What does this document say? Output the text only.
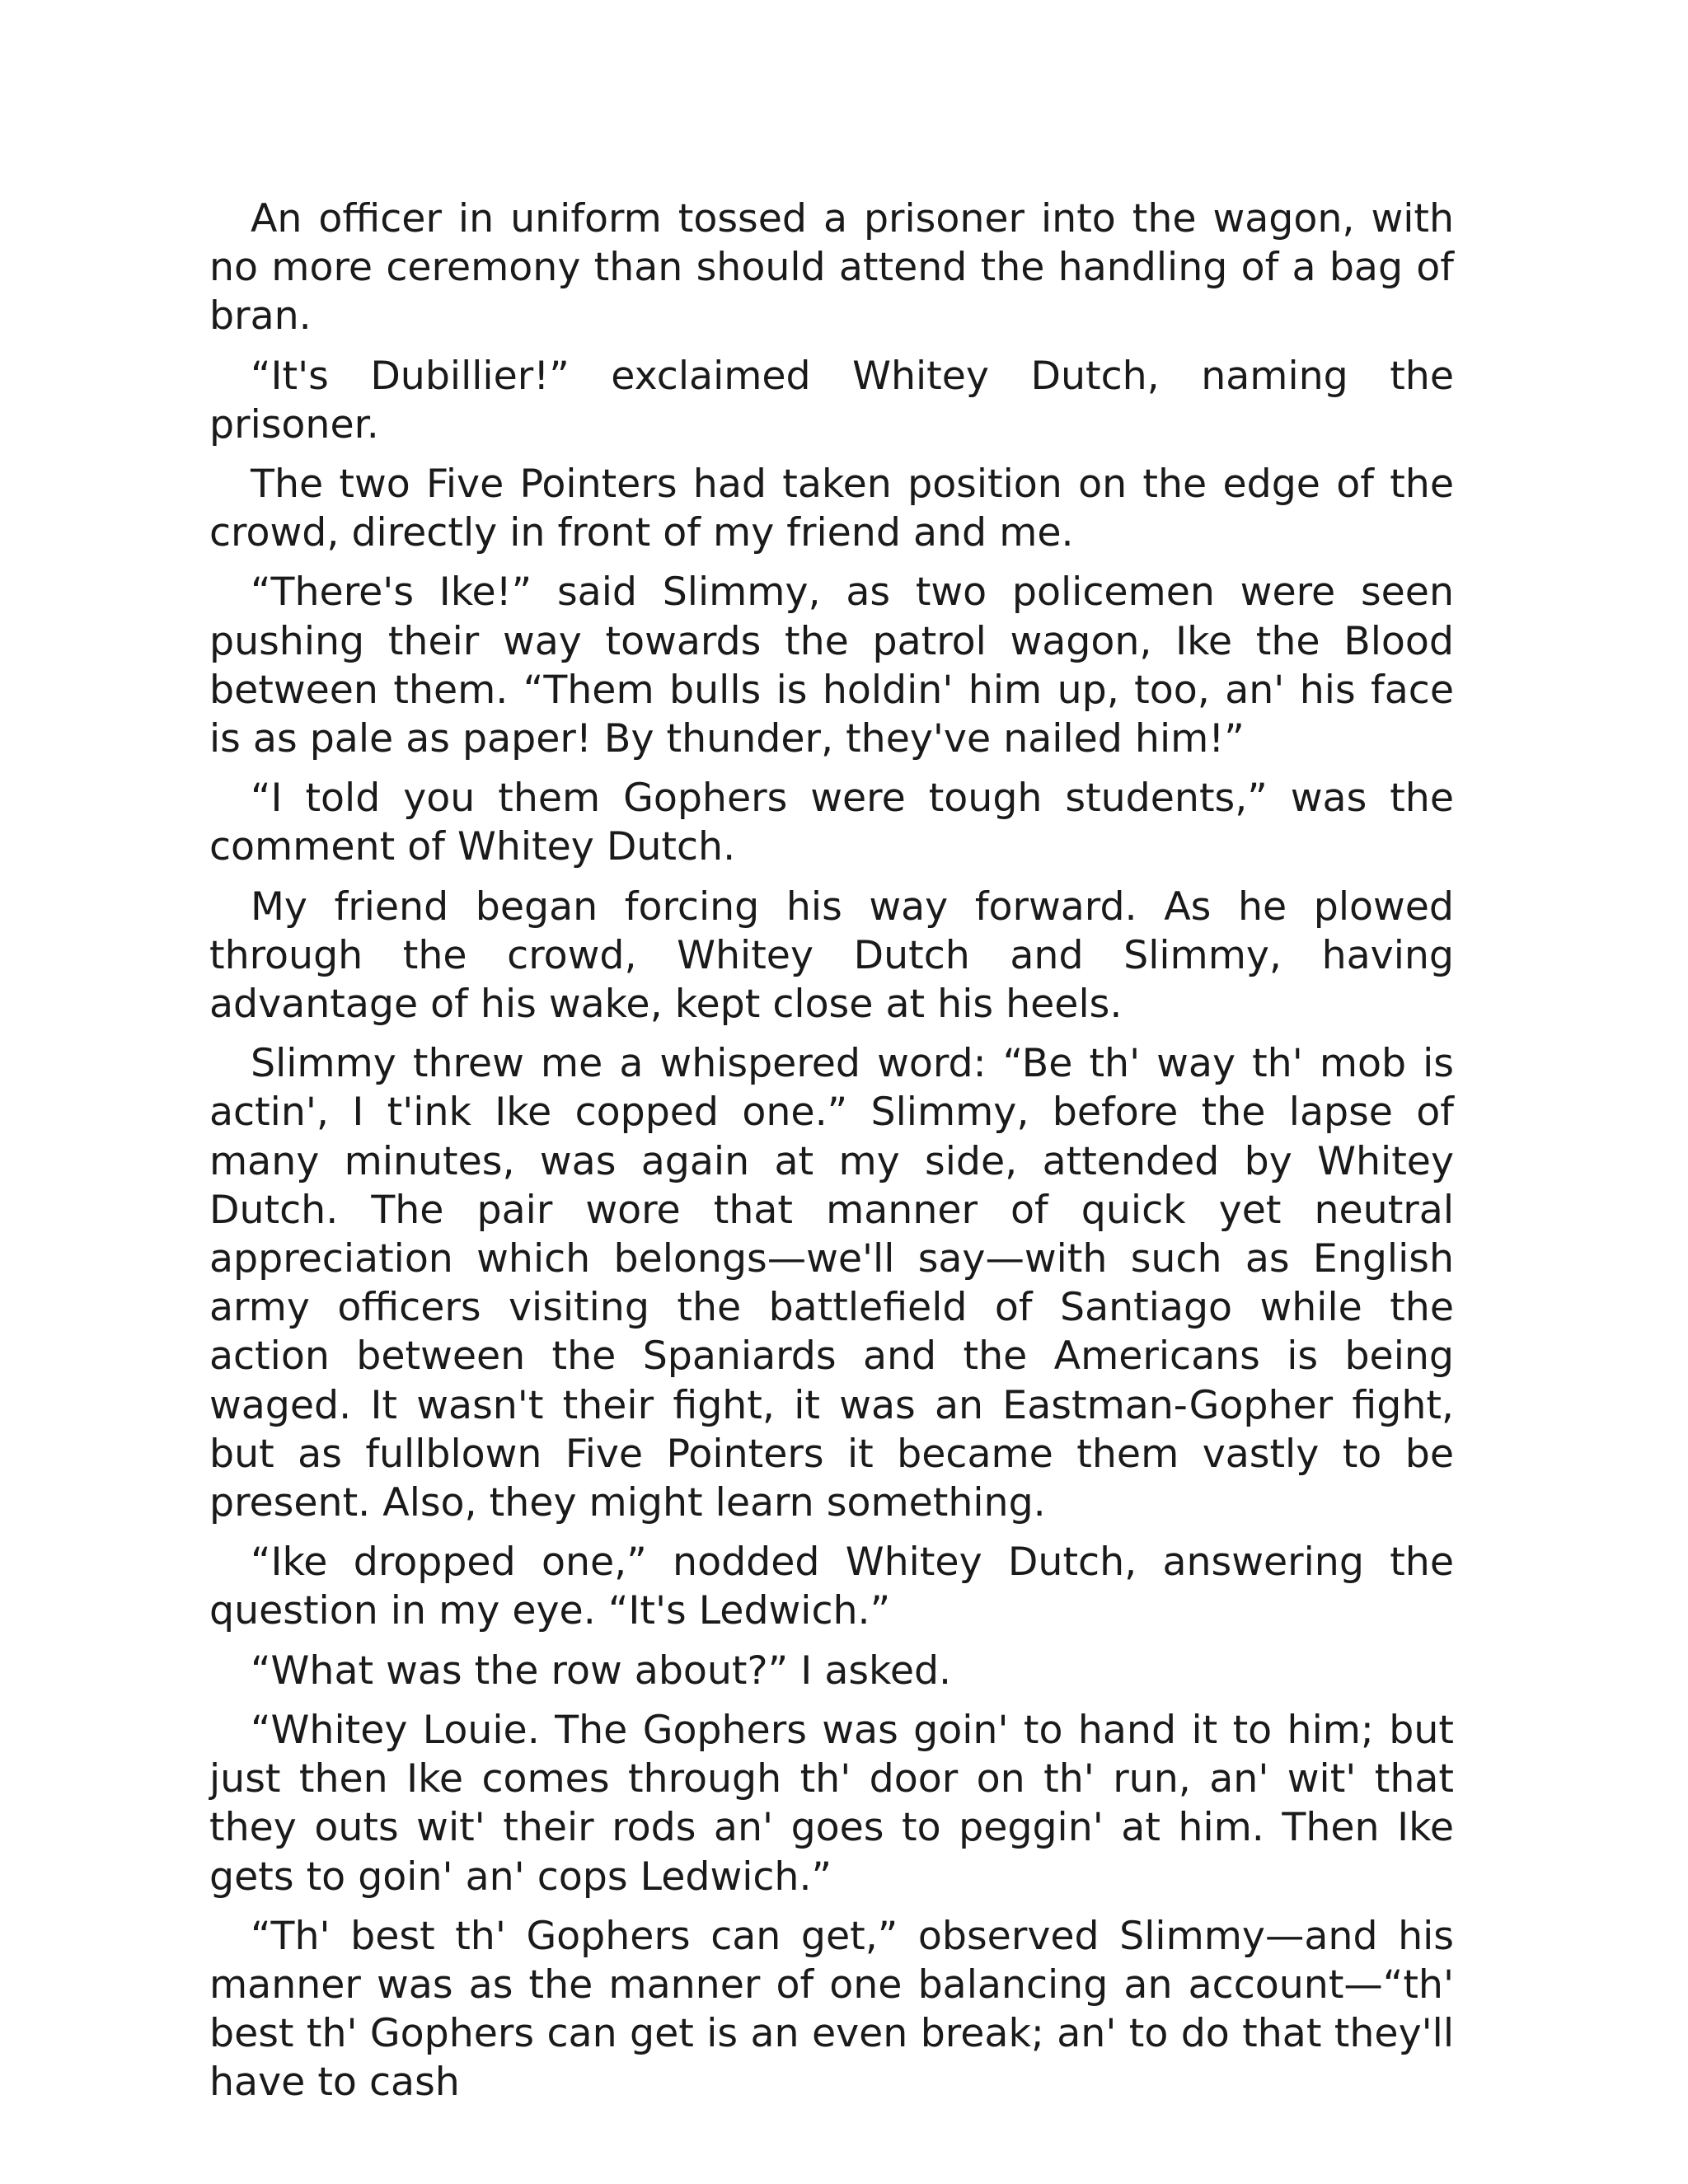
An officer in uniform tossed a prisoner into the wagon, with no more ceremony than should attend the handling of a bag of bran.

“It's Dubillier!” exclaimed Whitey Dutch, naming the prisoner.

The two Five Pointers had taken position on the edge of the crowd, directly in front of my friend and me.

“There's Ike!” said Slimmy, as two policemen were seen pushing their way towards the patrol wagon, Ike the Blood between them. “Them bulls is holdin' him up, too, an' his face is as pale as paper! By thunder, they've nailed him!”

“I told you them Gophers were tough students,” was the comment of Whitey Dutch.

My friend began forcing his way forward. As he plowed through the crowd, Whitey Dutch and Slimmy, having advantage of his wake, kept close at his heels.

Slimmy threw me a whispered word: “Be th' way th' mob is actin', I t'ink Ike copped one.” Slimmy, before the lapse of many minutes, was again at my side, attended by Whitey Dutch. The pair wore that manner of quick yet neutral appreciation which belongs—we'll say—with such as English army officers visiting the battlefield of Santiago while the action between the Spaniards and the Americans is being waged. It wasn't their fight, it was an Eastman-Gopher fight, but as fullblown Five Pointers it became them vastly to be present. Also, they might learn something.

“Ike dropped one,” nodded Whitey Dutch, answering the question in my eye. “It's Ledwich.”

“What was the row about?” I asked.

“Whitey Louie. The Gophers was goin' to hand it to him; but just then Ike comes through th' door on th' run, an' wit' that they outs wit' their rods an' goes to peggin' at him. Then Ike gets to goin' an' cops Ledwich.”

“Th' best th' Gophers can get,” observed Slimmy—and his manner was as the manner of one balancing an account—“th' best th' Gophers can get is an even break; an' to do that they'll have to cash
